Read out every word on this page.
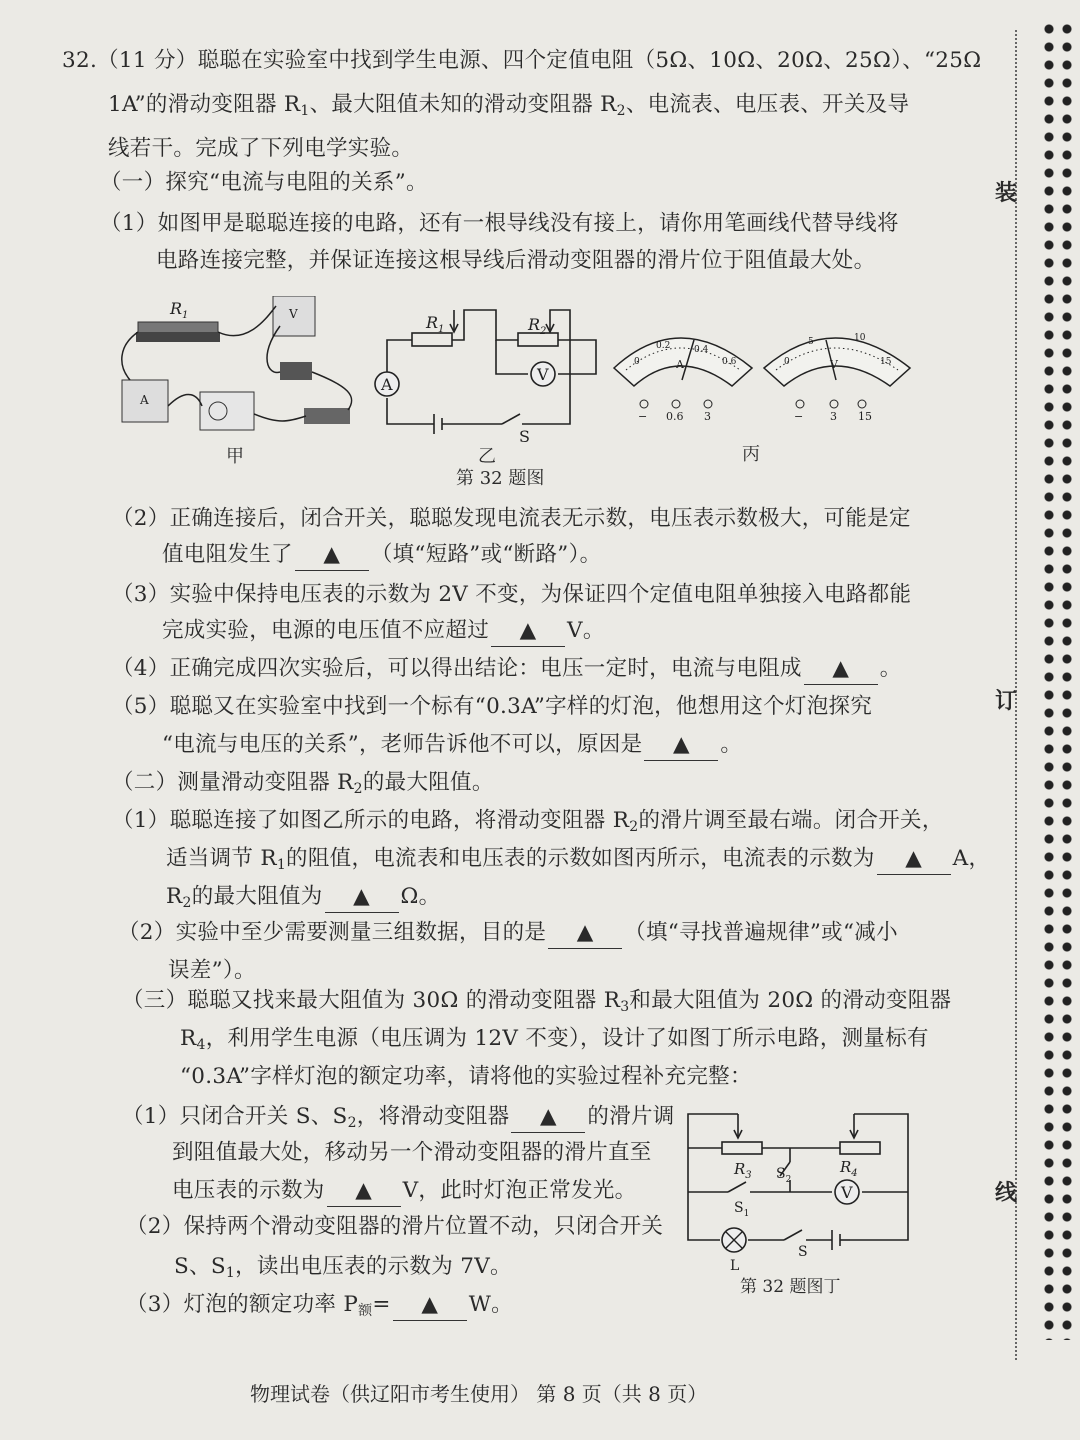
32.（11 分）聪聪在实验室中找到学生电源、四个定值电阻（5Ω、10Ω、20Ω、25Ω）、“25Ω
1A”的滑动变阻器 $R_1$、最大阻值未知的滑动变阻器 $R_2$、电流表、电压表、开关及导
线若干。完成了下列电学实验。
（一）探究“电流与电阻的关系”。
（1）如图甲是聪聪连接的电路，还有一根导线没有接上，请你用笔画线代替导线将
电路连接完整，并保证连接这根导线后滑动变阻器的滑片位于阻值最大处。
$R_1$	V
A
甲
A
V
$R_1$	$R_2$
S
乙
A
0
0.2	0.4
0.6
− 0.6 3
V
0
5	10
15
− 3 15
丙
第 32 题图
（2）正确连接后，闭合开关，聪聪发现电流表无示数，电压表示数极大，可能是定
值电阻发生了 ▲ （填“短路”或“断路”）。
（3）实验中保持电压表的示数为 2V 不变，为保证四个定值电阻单独接入电路都能
完成实验，电源的电压值不应超过 ▲ V。
（4）正确完成四次实验后，可以得出结论：电压一定时，电流与电阻成 ▲ 。
（5）聪聪又在实验室中找到一个标有“0.3A”字样的灯泡，他想用这个灯泡探究
“电流与电压的关系”，老师告诉他不可以，原因是 ▲ 。
（二）测量滑动变阻器 $R_2$的最大阻值。
（1）聪聪连接了如图乙所示的电路，将滑动变阻器 $R_2$的滑片调至最右端。闭合开关，
适当调节 $R_1$的阻值，电流表和电压表的示数如图丙所示，电流表的示数为 ▲ A，
$R_2$的最大阻值为 ▲ Ω。
（2）实验中至少需要测量三组数据，目的是 ▲ （填“寻找普遍规律”或“减小
误差”）。
（三）聪聪又找来最大阻值为 30Ω 的滑动变阻器 $R_3$和最大阻值为 20Ω 的滑动变阻器
$R_4$，利用学生电源（电压调为 12V 不变），设计了如图丁所示电路，测量标有
“0.3A”字样灯泡的额定功率，请将他的实验过程补充完整：
（1）只闭合开关 S、$S_2$，将滑动变阻器 ▲ 的滑片调
到阻值最大处，移动另一个滑动变阻器的滑片直至
电压表的示数为 ▲ V，此时灯泡正常发光。
（2）保持两个滑动变阻器的滑片位置不动，只闭合开关
S、$S_1$，读出电压表的示数为 7V。
（3）灯泡的额定功率 $P_额=$ ▲ W。
V
$R_3$	$R_4$
$S_2$
$S_1$
L
S
第 32 题图丁
装
订
线
物理试卷（供辽阳市考生使用） 第 8 页（共 8 页）
